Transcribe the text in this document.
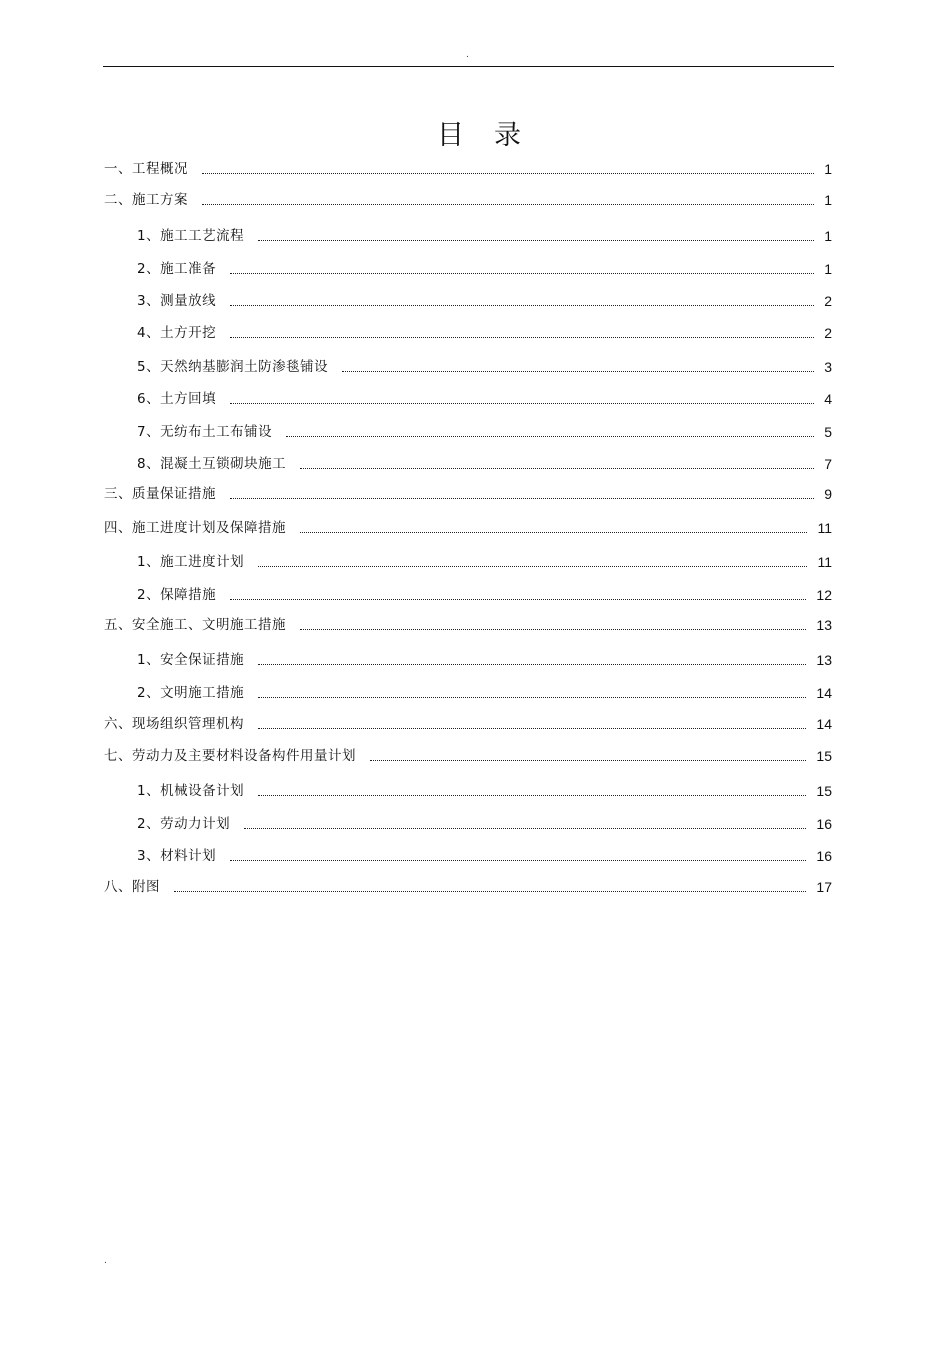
.
目录
一、工程概况	1
二、施工方案	1
1、施工工艺流程	1
2、施工准备	1
3、测量放线	2
4、土方开挖	2
5、天然纳基膨润土防渗毯铺设	3
6、土方回填	4
7、无纺布土工布铺设	5
8、混凝土互锁砌块施工	7
三、质量保证措施	9
四、施工进度计划及保障措施	11
1、施工进度计划	11
2、保障措施	12
五、安全施工、文明施工措施	13
1、安全保证措施	13
2、文明施工措施	14
六、现场组织管理机构	14
七、劳动力及主要材料设备构件用量计划	15
1、机械设备计划	15
2、劳动力计划	16
3、材料计划	16
八、附图	17
.
